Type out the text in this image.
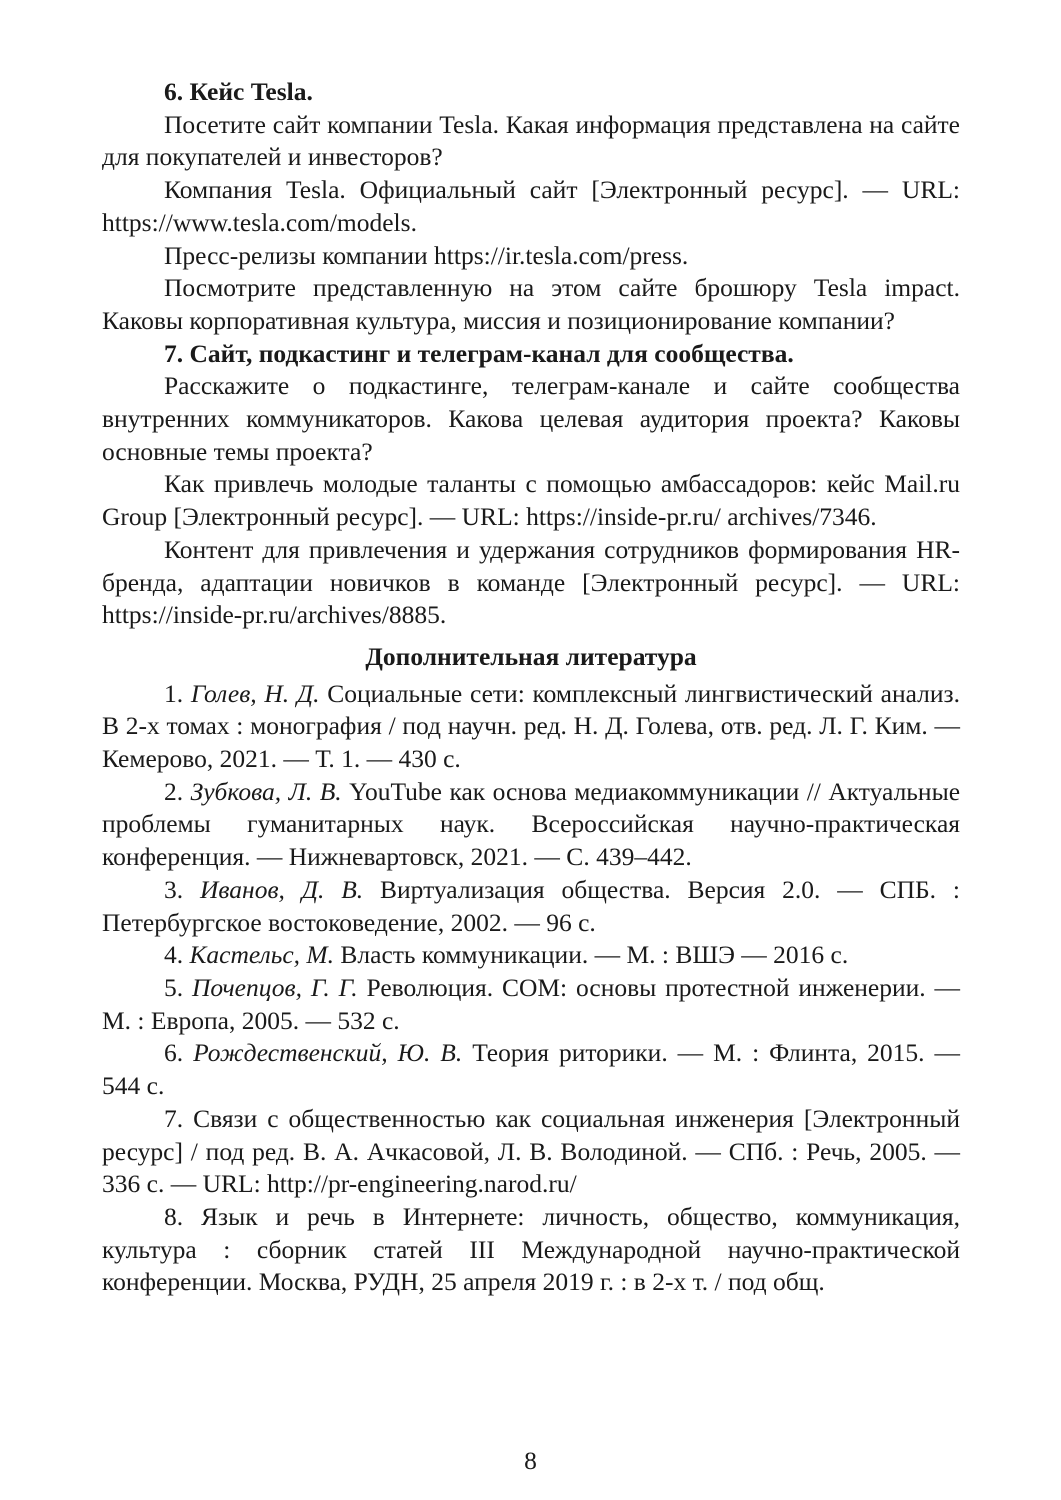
6. Кейс Tesla.

Посетите сайт компании Tesla. Какая информация представлена на сайте для покупателей и инвесторов?

Компания Tesla. Официальный сайт [Электронный ресурс]. — URL: https://www.tesla.com/models.

Пресс-релизы компании https://ir.tesla.com/press.

Посмотрите представленную на этом сайте брошюру Tesla impact. Каковы корпоративная культура, миссия и позиционирование компании?

7. Сайт, подкастинг и телеграм-канал для сообщества.

Расскажите о подкастинге, телеграм-канале и сайте сообщества внутренних коммуникаторов. Какова целевая аудитория проекта? Каковы основные темы проекта?

Как привлечь молодые таланты с помощью амбассадоров: кейс Mail.ru Group [Электронный ресурс]. — URL: https://inside-pr.ru/ archives/7346.

Контент для привлечения и удержания сотрудников формирования HR-бренда, адаптации новичков в команде [Электронный ресурс]. — URL: https://inside-pr.ru/archives/8885.

Дополнительная литература

1. Голев, Н. Д. Социальные сети: комплексный лингвистический анализ. В 2-х томах : монография / под научн. ред. Н. Д. Голева, отв. ред. Л. Г. Ким. — Кемерово, 2021. — Т. 1. — 430 с.

2. Зубкова, Л. В. YouTube как основа медиакоммуникации // Актуальные проблемы гуманитарных наук. Всероссийская научно-практическая конференция. — Нижневартовск, 2021. — С. 439–442.

3. Иванов, Д. В. Виртуализация общества. Версия 2.0. — СПБ. : Петербургское востоковедение, 2002. — 96 с.

4. Кастельс, М. Власть коммуникации. — М. : ВШЭ — 2016 с.

5. Почепцов, Г. Г. Революция. COM: основы протестной инженерии. — М. : Европа, 2005. — 532 с.

6. Рождественский, Ю. В. Теория риторики. — М. : Флинта, 2015. — 544 с.

7. Связи с общественностью как социальная инженерия [Электронный ресурс] / под ред. В. А. Ачкасовой, Л. В. Володиной. — СПб. : Речь, 2005. — 336 с. — URL: http://pr-engineering.narod.ru/

8. Язык и речь в Интернете: личность, общество, коммуникация, культура : сборник статей III Международной научно-практической конференции. Москва, РУДН, 25 апреля 2019 г. : в 2-х т. / под общ.

8
